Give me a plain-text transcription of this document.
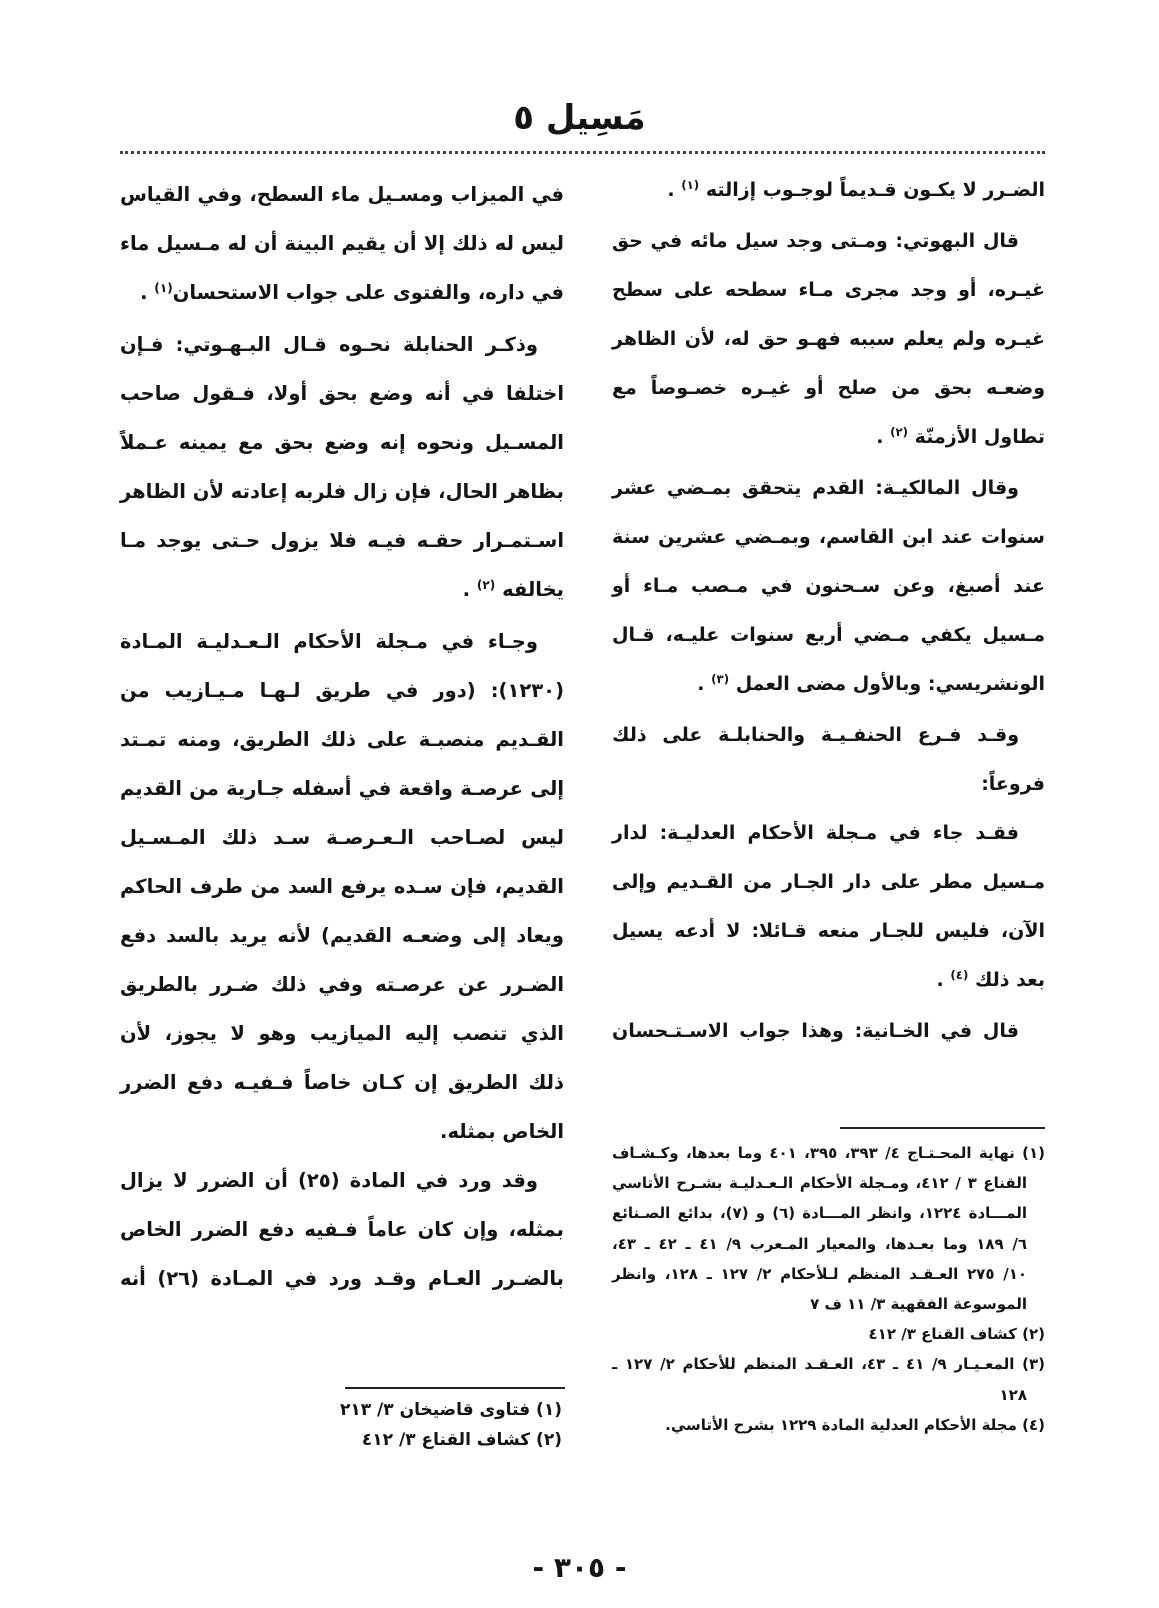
مَسِيل ٥
الضـرر لا يكـون قـديماً لوجـوب إزالته $^{(١)}$ .
قال البهوتي: ومـتى وجد سيل مائه في حق
غيـره، أو وجد مجرى مـاء سطحه على سطح
غيـره ولم يعلم سببه فهـو حق له، لأن الظاهر
وضعـه بحق من صلح أو غيـره خصـوصاً مع
تطاول الأزمنّة $^{(٢)}$ .
وقال المالكيـة: القدم يتحقق بمـضي عشر
سنوات عند ابن القاسم، وبمـضي عشرين سنة
عند أصبغ، وعن سـحنون في مـصب مـاء أو
مـسيل يكفي مـضي أربع سنوات عليـه، قـال
الونشريسي: وبالأول مضى العمل $^{(٣)}$ .
وقـد فـرع الحنفـيـة والحنابلـة على ذلك
فروعاً:
فقـد جاء في مـجلة الأحكام العدليـة: لدار
مـسيل مطر على دار الجـار من القـديم وإلى
الآن، فليس للجـار منعه قـائلا: لا أدعه يسيل
بعد ذلك $^{(٤)}$ .
قال في الخـانية: وهذا جواب الاسـتـحسان
(١) نهاية المحـتـاج ٤/ ٣٩٣، ٣٩٥، ٤٠١ وما بعدها، وكـشـاف
القناع ٣ / ٤١٢، ومـجلة الأحكام الـعـدليـة بشـرح الأتاسي
المـــادة ١٢٢٤، وانظر المـــادة (٦) و (٧)، بدائع الصـنائع
٦/ ١٨٩ وما بعـدها، والمعيار المـعرب ٩/ ٤١ ـ ٤٢ ـ ٤٣،
١٠/ ٢٧٥ العـقـد المنظم لـلأحكام ٢/ ١٢٧ ـ ١٢٨، وانظر
الموسوعة الفقهية ٣/ ١١ ف ٧
(٢) كشاف القناع ٣/ ٤١٢
(٣) المعـيـار ٩/ ٤١ ـ ٤٣، العـقـد المنظم للأحكام ٢/ ١٢٧ ـ
١٢٨
(٤) مجلة الأحكام العدلية المادة ١٢٢٩ بشرح الأتاسي.
في الميزاب ومسـيل ماء السطح، وفي القياس
ليس له ذلك إلا أن يقيم البينة أن له مـسيل ماء
في داره، والفتوى على جواب الاستحسان$^{(١)}$ .
وذكـر الحنابلة نحـوه قـال البـهـوتي: فـإن
اختلفا في أنه وضع بحق أولا، فـقول صاحب
المسـيل ونحوه إنه وضع بحق مع يمينه عـملاً
بظاهر الحال، فإن زال فلربه إعادته لأن الظاهر
اسـتمـرار حقـه فيـه فلا يزول حـتى يوجد مـا
يخالفه $^{(٢)}$ .
وجـاء في مـجلة الأحكام الـعـدليـة المـادة
(١٢٣٠): (دور في طريق لـهـا مـيـازيب من
القـديم منصبـة على ذلك الطريق، ومنه تمـتد
إلى عرصـة واقعة في أسفله جـارية من القديم
ليس لصـاحب الـعـرصـة سـد ذلك المـسـيل
القديم، فإن سـده يرفع السد من طرف الحاكم
ويعاد إلى وضعـه القديم) لأنه يريد بالسد دفع
الضـرر عن عرصـته وفي ذلك ضـرر بالطريق
الذي تنصب إليه الميازيب وهو لا يجوز، لأن
ذلك الطريق إن كـان خاصاً فـفيـه دفع الضرر
الخاص بمثله.
وقد ورد في المادة (٢٥) أن الضرر لا يزال
بمثله، وإن كان عاماً فـفيه دفع الضرر الخاص
بالضـرر العـام وقـد ورد في المـادة (٢٦) أنه
(١) فتاوى قاضيخان ٣/ ٢١٣
(٢) كشاف القناع ٣/ ٤١٢
- ٣٠٥ -
